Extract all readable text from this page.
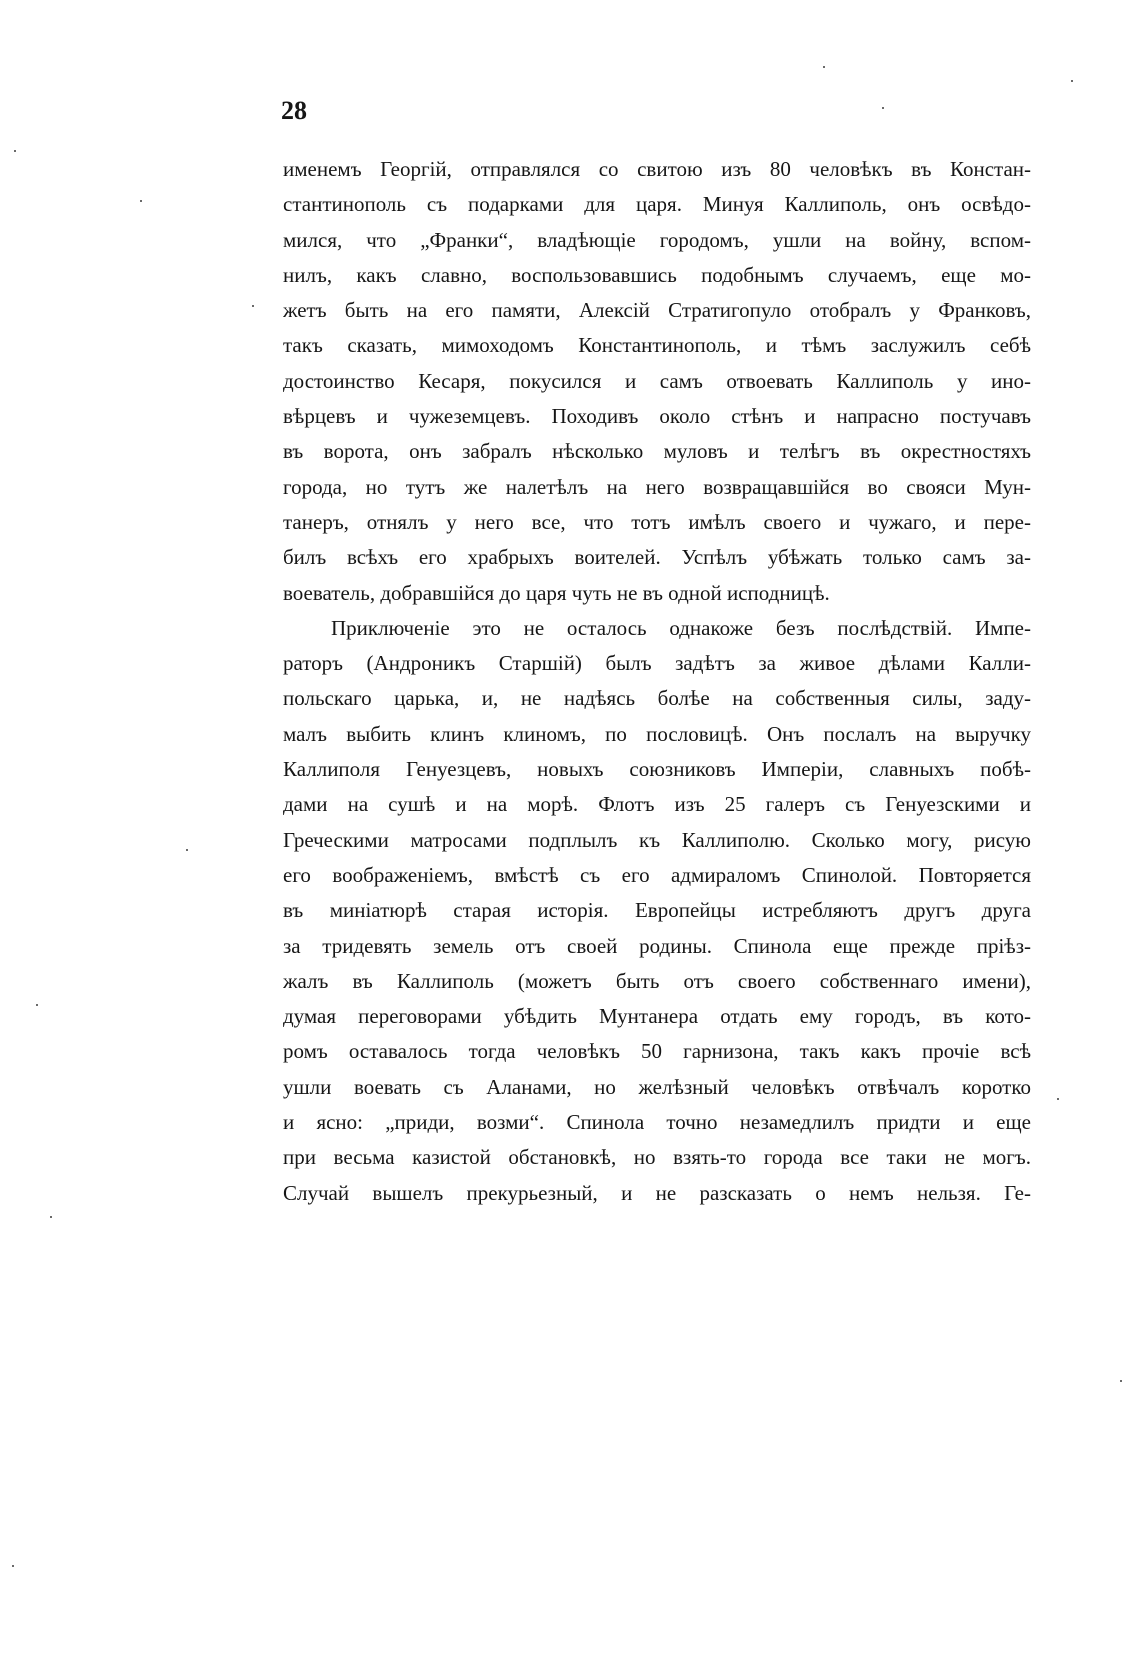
28
именемъ Георгій, отправлялся со свитою изъ 80 человѣкъ въ Констан-
стантинополь съ подарками для царя. Минуя Каллиполь, онъ освѣдо-
мился, что „Франки“, владѣющіе городомъ, ушли на войну, вспом-
нилъ, какъ славно, воспользовавшись подобнымъ случаемъ, еще мо-
жетъ быть на его памяти, Алексій Стратигопуло отобралъ у Франковъ,
такъ сказать, мимоходомъ Константинополь, и тѣмъ заслужилъ себѣ
достоинство Кесаря, покусился и самъ отвоевать Каллиполь у ино-
вѣрцевъ и чужеземцевъ. Походивъ около стѣнъ и напрасно постучавъ
въ ворота, онъ забралъ нѣсколько муловъ и телѣгъ въ окрестностяхъ
города, но тутъ же налетѣлъ на него возвращавшійся во свояси Мун-
танеръ, отнялъ у него все, что тотъ имѣлъ своего и чужаго, и пере-
билъ всѣхъ его храбрыхъ воителей. Успѣлъ убѣжать только самъ за-
воеватель, добравшійся до царя чуть не въ одной исподницѣ.
Приключеніе это не осталось однакоже безъ послѣдствій. Импе-
раторъ (Андроникъ Старшій) былъ задѣтъ за живое дѣлами Калли-
польскаго царька, и, не надѣясь болѣе на собственныя силы, заду-
малъ выбить клинъ клиномъ, по пословицѣ. Онъ послалъ на выручку
Каллиполя Генуезцевъ, новыхъ союзниковъ Имперіи, славныхъ побѣ-
дами на сушѣ и на морѣ. Флотъ изъ 25 галеръ съ Генуезскими и
Греческими матросами подплылъ къ Каллиполю. Сколько могу, рисую
его воображеніемъ, вмѣстѣ съ его адмираломъ Спинолой. Повторяется
въ миніатюрѣ старая исторія. Европейцы истребляютъ другъ друга
за тридевять земель отъ своей родины. Спинола еще прежде пріѣз-
жалъ въ Каллиполь (можетъ быть отъ своего собственнаго имени),
думая переговорами убѣдить Мунтанера отдать ему городъ, въ кото-
ромъ оставалось тогда человѣкъ 50 гарнизона, такъ какъ прочіе всѣ
ушли воевать съ Аланами, но желѣзный человѣкъ отвѣчалъ коротко
и ясно: „приди, возми“. Спинола точно незамедлилъ придти и еще
при весьма казистой обстановкѣ, но взять-то города все таки не могъ.
Случай вышелъ прекурьезный, и не разсказать о немъ нельзя. Ге-
